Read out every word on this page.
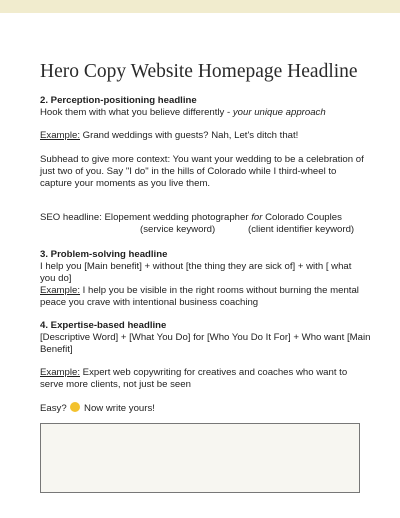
Hero Copy Website Homepage Headline
2. Perception-positioning headline
Hook them with what you believe differently - your unique approach
Example: Grand weddings with guests? Nah, Let's ditch that!
Subhead to give more context: You want your wedding to be a celebration of
just two of you. Say "I do" in the hills of Colorado while I third-wheel to
capture your moments as you live them.
SEO headline: Elopement wedding photographer for Colorado Couples
(service keyword)	(client identifier keyword)
3. Problem-solving headline
I help you [Main benefit] + without [the thing they are sick of] + with [ what
you do]
Example: I help you be visible in the right rooms without burning the mental
peace you crave with intentional business coaching
4. Expertise-based headline
[Descriptive Word] + [What You Do] for [Who You Do It For] + Who want [Main
Benefit]
Example: Expert web copywriting for creatives and coaches who want to
serve more clients, not just be seen
Easy?  Now write yours!
